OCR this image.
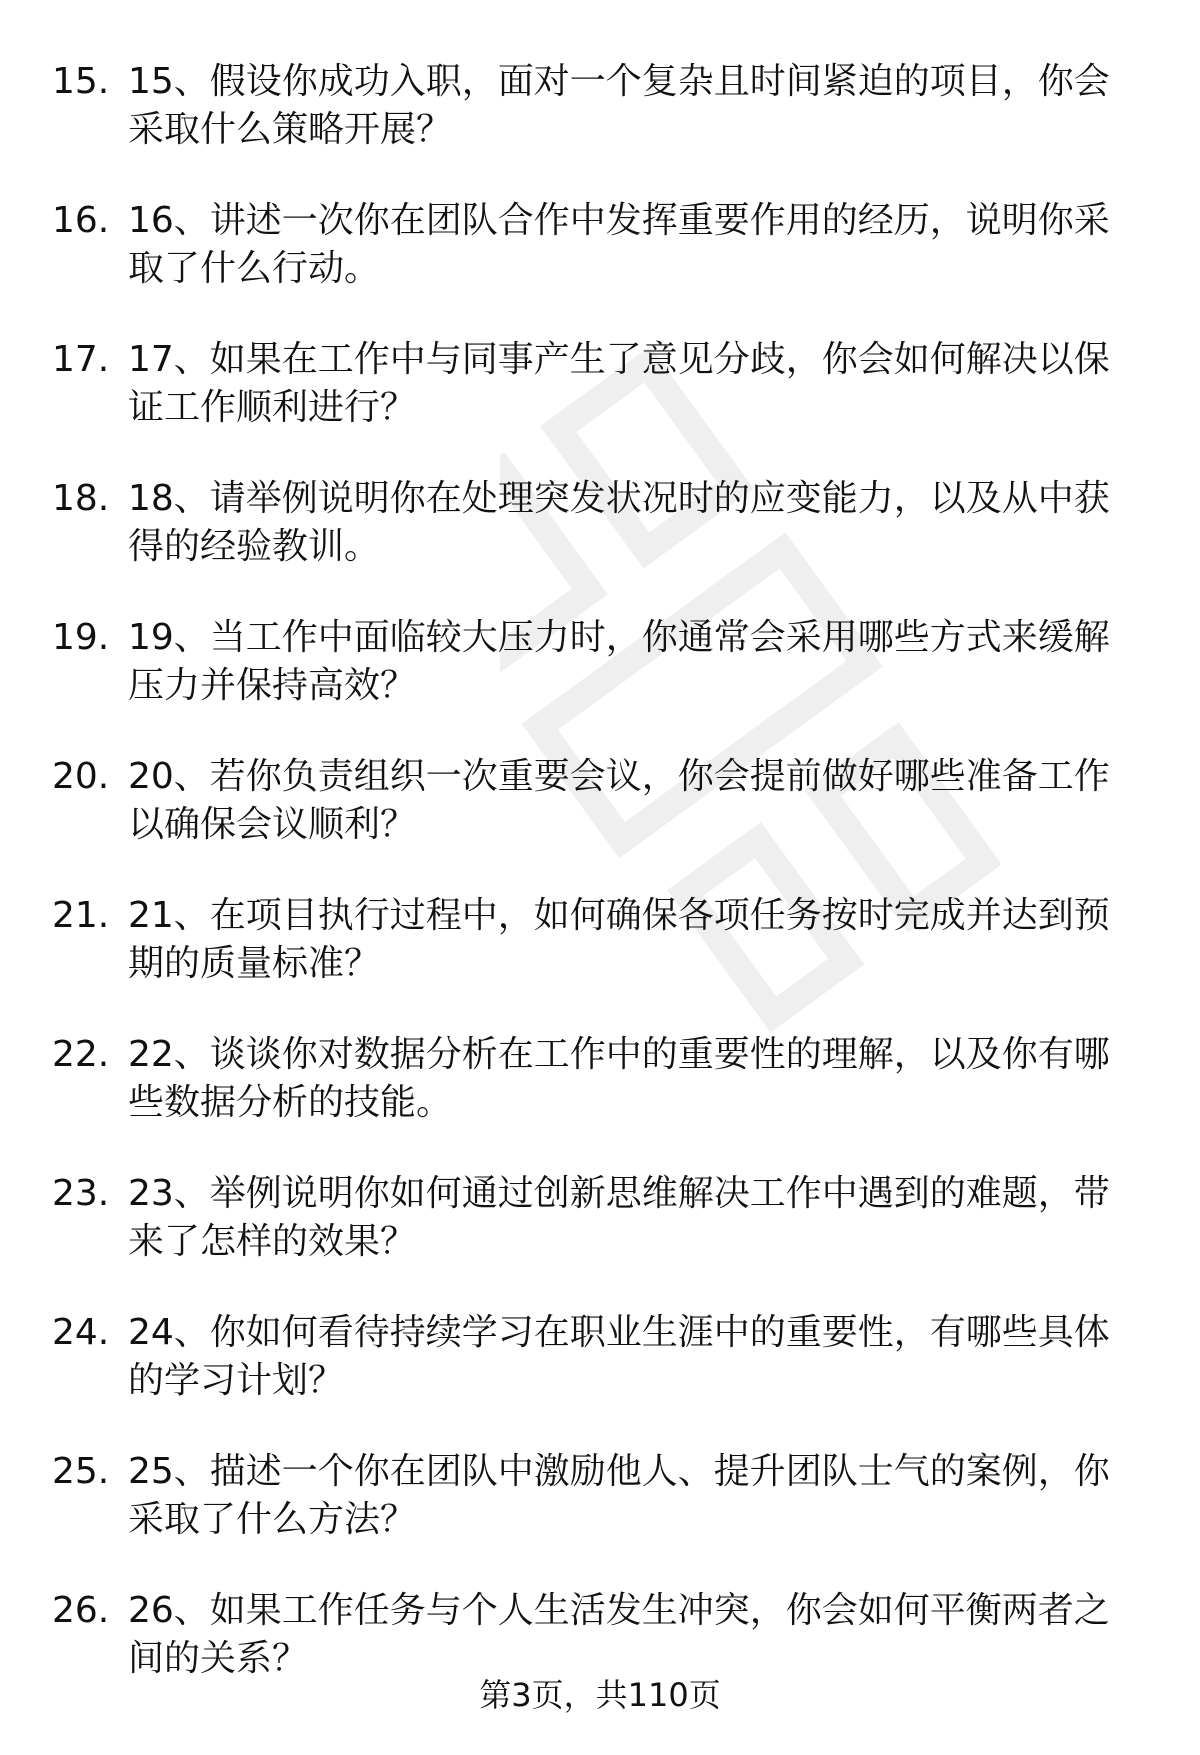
15. 15、假设你成功入职，面对一个复杂且时间紧迫的项目，你会采取什么策略开展？
16. 16、讲述一次你在团队合作中发挥重要作用的经历，说明你采取了什么行动。
17. 17、如果在工作中与同事产生了意见分歧，你会如何解决以保证工作顺利进行？
18. 18、请举例说明你在处理突发状况时的应变能力，以及从中获得的经验教训。
19. 19、当工作中面临较大压力时，你通常会采用哪些方式来缓解压力并保持高效？
20. 20、若你负责组织一次重要会议，你会提前做好哪些准备工作以确保会议顺利？
21. 21、在项目执行过程中，如何确保各项任务按时完成并达到预期的质量标准？
22. 22、谈谈你对数据分析在工作中的重要性的理解，以及你有哪些数据分析的技能。
23. 23、举例说明你如何通过创新思维解决工作中遇到的难题，带来了怎样的效果？
24. 24、你如何看待持续学习在职业生涯中的重要性，有哪些具体的学习计划？
25. 25、描述一个你在团队中激励他人、提升团队士气的案例，你采取了什么方法？
26. 26、如果工作任务与个人生活发生冲突，你会如何平衡两者之间的关系？
第3页，共110页
